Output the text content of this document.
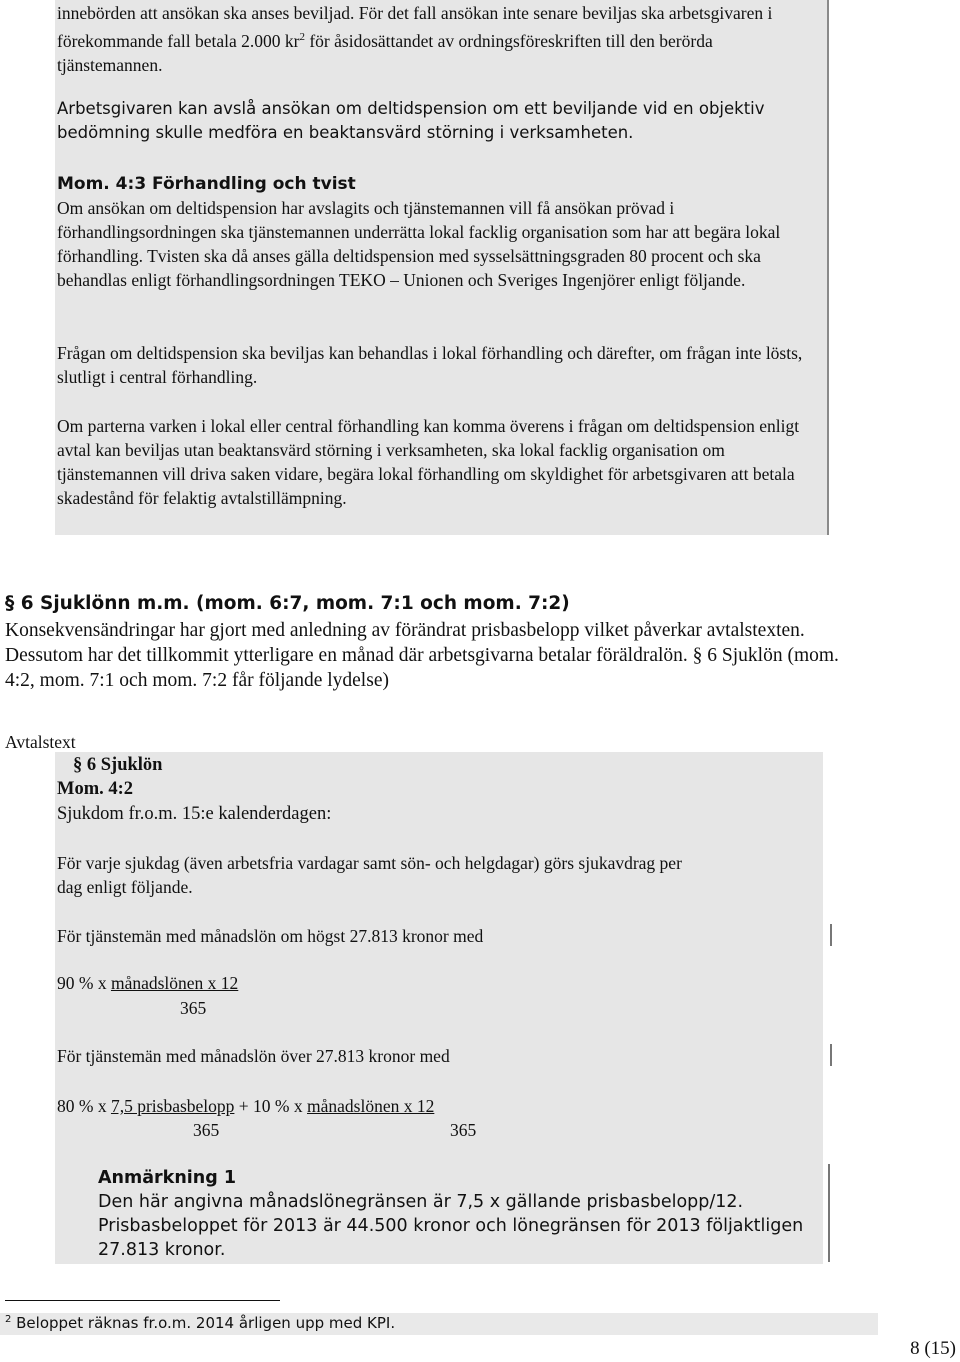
innebörden att ansökan ska anses beviljad. För det fall ansökan inte senare beviljas ska arbetsgivaren i förekommande fall betala 2.000 $kr^2$ för åsidosättandet av ordningsföreskriften till den berörda tjänstemannen.

Arbetsgivaren kan avslå ansökan om deltidspension om ett beviljande vid en objektiv bedömning skulle medföra en beaktansvärd störning i verksamheten.

Mom. 4:3 Förhandling och tvist

Om ansökan om deltidspension har avslagits och tjänstemannen vill få ansökan prövad i förhandlingsordningen ska tjänstemannen underrätta lokal facklig organisation som har att begära lokal förhandling. Tvisten ska då anses gälla deltidspension med sysselsättningsgraden 80 procent och ska behandlas enligt förhandlingsordningen TEKO – Unionen och Sveriges Ingenjörer enligt följande.

Frågan om deltidspension ska beviljas kan behandlas i lokal förhandling och därefter, om frågan inte lösts, slutligt i central förhandling.

Om parterna varken i lokal eller central förhandling kan komma överens i frågan om deltidspension enligt avtal kan beviljas utan beaktansvärd störning i verksamheten, ska lokal facklig organisation om tjänstemannen vill driva saken vidare, begära lokal förhandling om skyldighet för arbetsgivaren att betala skadestånd för felaktig avtalstillämpning.

§ 6 Sjuklönn m.m. (mom. 6:7, mom. 7:1 och mom. 7:2)
Konsekvensändringar har gjort med anledning av förändrat prisbasbelopp vilket påverkar avtalstexten. Dessutom har det tillkommit ytterligare en månad där arbetsgivarna betalar föräldralön. § 6 Sjuklön (mom. 4:2, mom. 7:1 och mom. 7:2 får följande lydelse)
Avtalstext
§ 6 Sjuklön
Mom. 4:2
Sjukdom fr.o.m. 15:e kalenderdagen:
För varje sjukdag (även arbetsfria vardagar samt sön- och helgdagar) görs sjukavdrag per
dag enligt följande.
För tjänstemän med månadslön om högst 27.813 kronor med
90 % x månadslönen x 12
365
För tjänstemän med månadslön över 27.813 kronor med
80 % x 7,5 prisbasbelopp + 10 % x månadslönen x 12
365	365
Anmärkning 1
Den här angivna månadslönegränsen är 7,5 x gällande prisbasbelopp/12.
Prisbasbeloppet för 2013 är 44.500 kronor och lönegränsen för 2013 följaktligen
27.813 kronor.
$^2$ Beloppet räknas fr.o.m. 2014 årligen upp med KPI.
8 (15)
